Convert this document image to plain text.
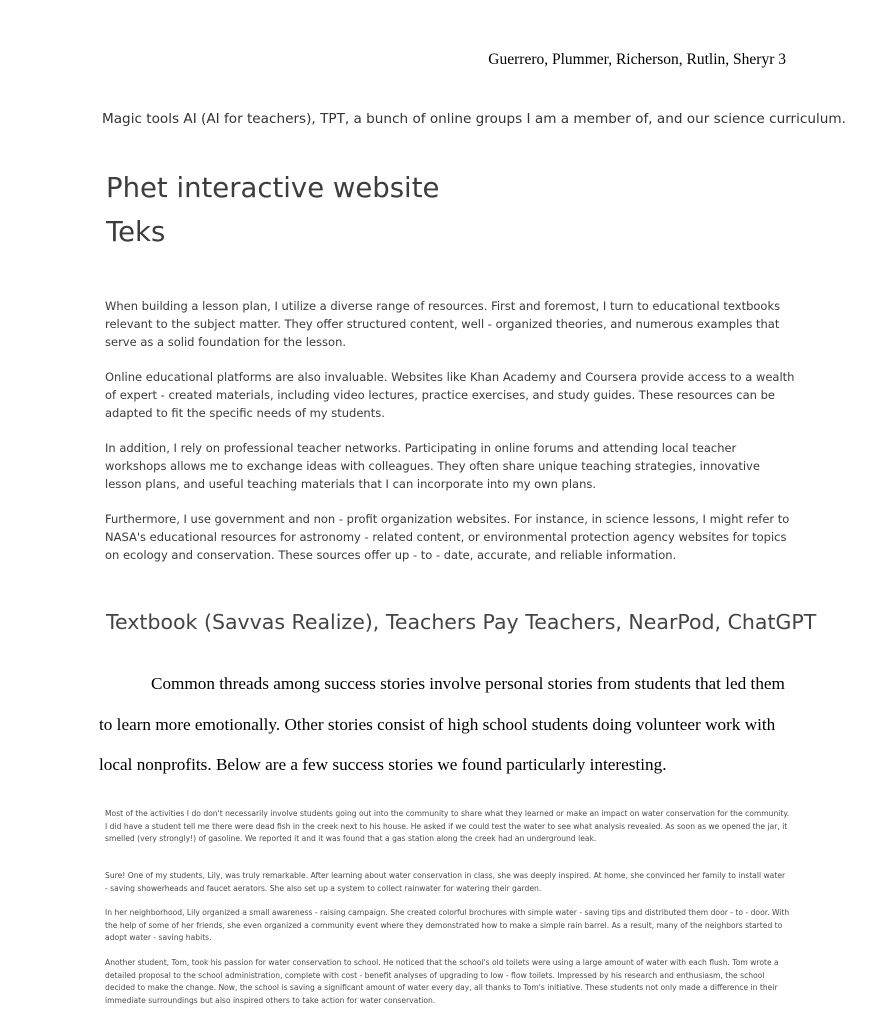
Guerrero, Plummer, Richerson, Rutlin, Sheryr 3
Magic tools AI (AI for teachers), TPT, a bunch of online groups I am a member of, and our science curriculum.
Phet interactive website
Teks
When building a lesson plan, I utilize a diverse range of resources. First and foremost, I turn to educational textbooks relevant to the subject matter. They offer structured content, well - organized theories, and numerous examples that serve as a solid foundation for the lesson.
Online educational platforms are also invaluable. Websites like Khan Academy and Coursera provide access to a wealth of expert - created materials, including video lectures, practice exercises, and study guides. These resources can be adapted to fit the specific needs of my students.
In addition, I rely on professional teacher networks. Participating in online forums and attending local teacher workshops allows me to exchange ideas with colleagues. They often share unique teaching strategies, innovative lesson plans, and useful teaching materials that I can incorporate into my own plans.
Furthermore, I use government and non - profit organization websites. For instance, in science lessons, I might refer to NASA's educational resources for astronomy - related content, or environmental protection agency websites for topics on ecology and conservation. These sources offer up - to - date, accurate, and reliable information.
Textbook (Savvas Realize), Teachers Pay Teachers, NearPod, ChatGPT
Common threads among success stories involve personal stories from students that led them to learn more emotionally. Other stories consist of high school students doing volunteer work with local nonprofits. Below are a few success stories we found particularly interesting.
Most of the activities I do don't necessarily involve students going out into the community to share what they learned or make an impact on water conservation for the community. I did have a student tell me there were dead fish in the creek next to his house. He asked if we could test the water to see what analysis revealed. As soon as we opened the jar, it smelled (very strongly!) of gasoline. We reported it and it was found that a gas station along the creek had an underground leak.
Sure! One of my students, Lily, was truly remarkable. After learning about water conservation in class, she was deeply inspired. At home, she convinced her family to install water - saving showerheads and faucet aerators. She also set up a system to collect rainwater for watering their garden.
In her neighborhood, Lily organized a small awareness - raising campaign. She created colorful brochures with simple water - saving tips and distributed them door - to - door. With the help of some of her friends, she even organized a community event where they demonstrated how to make a simple rain barrel. As a result, many of the neighbors started to adopt water - saving habits.
Another student, Tom, took his passion for water conservation to school. He noticed that the school's old toilets were using a large amount of water with each flush. Tom wrote a detailed proposal to the school administration, complete with cost - benefit analyses of upgrading to low - flow toilets. Impressed by his research and enthusiasm, the school decided to make the change. Now, the school is saving a significant amount of water every day, all thanks to Tom's initiative. These students not only made a difference in their immediate surroundings but also inspired others to take action for water conservation.
